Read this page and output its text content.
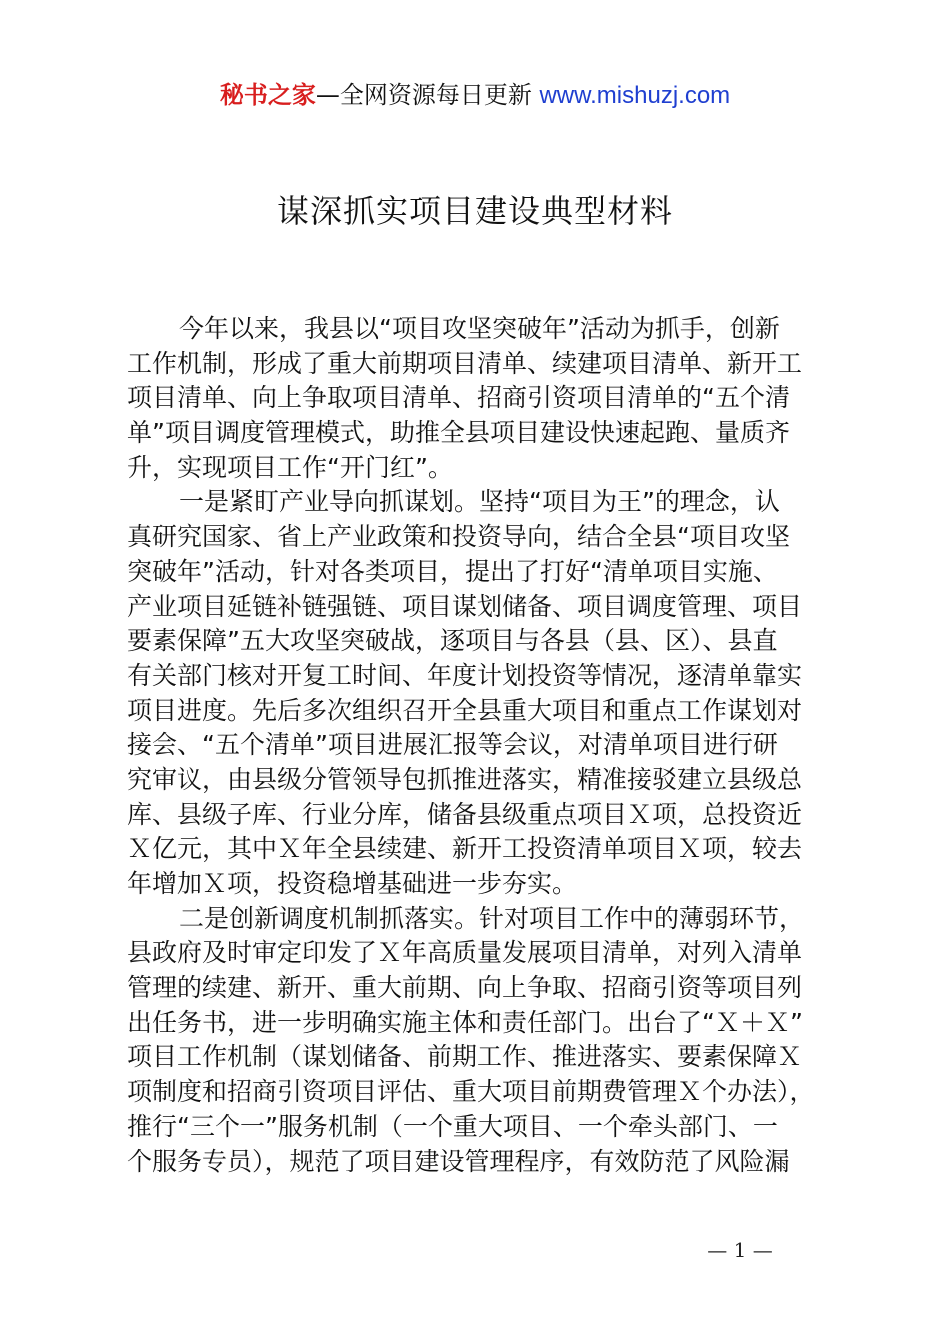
秘书之家—全网资源每日更新 www.mishuzj.com
谋深抓实项目建设典型材料
今年以来，我县以“项目攻坚突破年”活动为抓手，创新
工作机制，形成了重大前期项目清单、续建项目清单、新开工
项目清单、向上争取项目清单、招商引资项目清单的“五个清
单”项目调度管理模式，助推全县项目建设快速起跑、量质齐
升，实现项目工作“开门红”。
一是紧盯产业导向抓谋划。坚持“项目为王”的理念，认
真研究国家、省上产业政策和投资导向，结合全县“项目攻坚
突破年”活动，针对各类项目，提出了打好“清单项目实施、
产业项目延链补链强链、项目谋划储备、项目调度管理、项目
要素保障”五大攻坚突破战，逐项目与各县（县、区）、县直
有关部门核对开复工时间、年度计划投资等情况，逐清单靠实
项目进度。先后多次组织召开全县重大项目和重点工作谋划对
接会、“五个清单”项目进展汇报等会议，对清单项目进行研
究审议，由县级分管领导包抓推进落实，精准接驳建立县级总
库、县级子库、行业分库，储备县级重点项目Ｘ项，总投资近
Ｘ亿元，其中Ｘ年全县续建、新开工投资清单项目Ｘ项，较去
年增加Ｘ项，投资稳增基础进一步夯实。
二是创新调度机制抓落实。针对项目工作中的薄弱环节，
县政府及时审定印发了Ｘ年高质量发展项目清单，对列入清单
管理的续建、新开、重大前期、向上争取、招商引资等项目列
出任务书，进一步明确实施主体和责任部门。出台了“Ｘ＋Ｘ”
项目工作机制（谋划储备、前期工作、推进落实、要素保障Ｘ
项制度和招商引资项目评估、重大项目前期费管理Ｘ个办法），
推行“三个一”服务机制（一个重大项目、一个牵头部门、一
个服务专员），规范了项目建设管理程序，有效防范了风险漏
— 1 —
